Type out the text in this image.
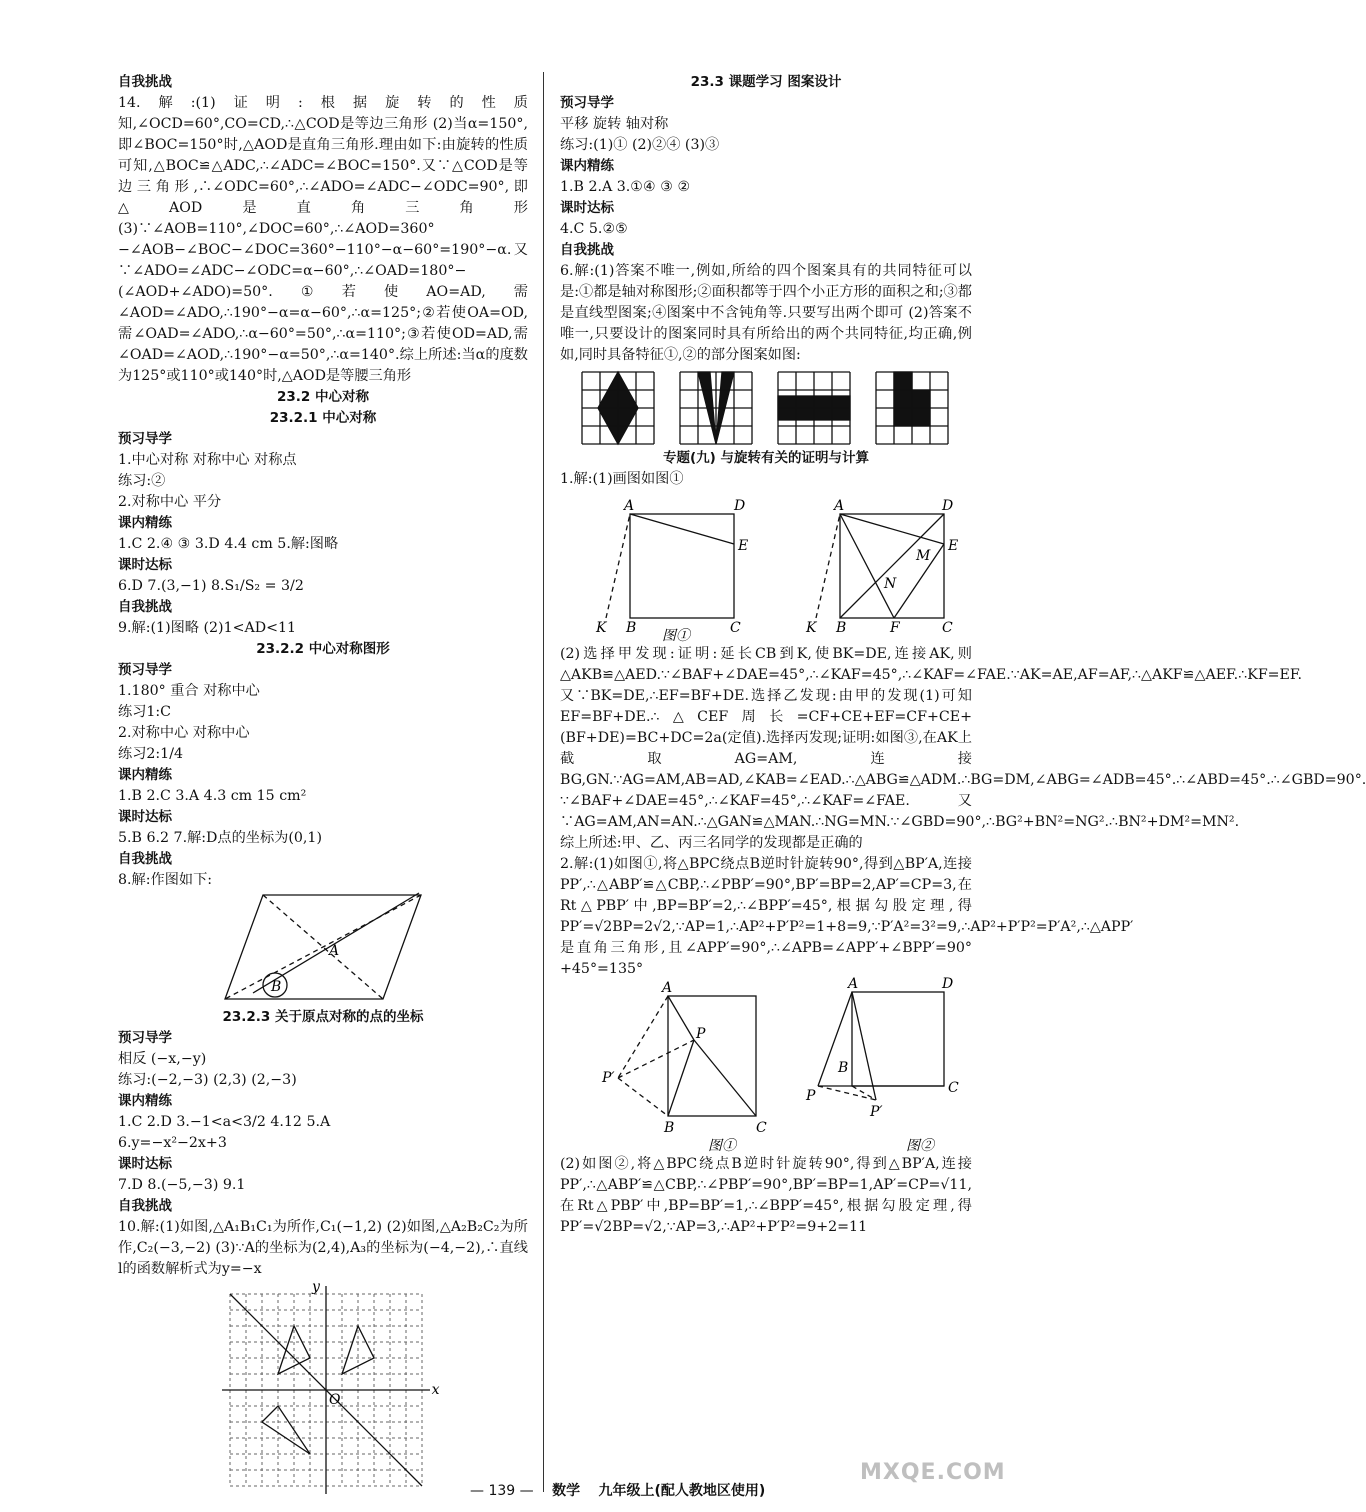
自我挑战
14.解:(1)证明:根据旋转的性质知,∠OCD=60°,CO=CD,∴△COD是等边三角形 (2)当α=150°,即∠BOC=150°时,△AOD是直角三角形.理由如下:由旋转的性质可知,△BOC≌△ADC,∴∠ADC=∠BOC=150°.又∵△COD是等边三角形,∴∠ODC=60°,∴∠ADO=∠ADC−∠ODC=90°,即△AOD是直角三角形 (3)∵∠AOB=110°,∠DOC=60°,∴∠AOD=360°−∠AOB−∠BOC−∠DOC=360°−110°−α−60°=190°−α.又∵∠ADO=∠ADC−∠ODC=α−60°,∴∠OAD=180°−(∠AOD+∠ADO)=50°.①若使AO=AD,需∠AOD=∠ADO,∴190°−α=α−60°,∴α=125°;②若使OA=OD,需∠OAD=∠ADO,∴α−60°=50°,∴α=110°;③若使OD=AD,需∠OAD=∠AOD,∴190°−α=50°,∴α=140°.综上所述:当α的度数为125°或110°或140°时,△AOD是等腰三角形
23.2 中心对称
23.2.1 中心对称
预习导学
1.中心对称 对称中心 对称点
练习:②
2.对称中心 平分
课内精练
1.C 2.④ ③ 3.D 4.4 cm 5.解:图略
课时达标
6.D 7.(3,−1) 8.S₁/S₂ = 3/2
自我挑战
9.解:(1)图略 (2)1<AD<11
23.2.2 中心对称图形
预习导学
1.180° 重合 对称中心
练习1:C
2.对称中心 对称中心
练习2:1/4
课内精练
1.B 2.C 3.A 4.3 cm 15 cm²
课时达标
5.B 6.2 7.解:D点的坐标为(0,1)
自我挑战
8.解:作图如下:
A
B
23.2.3 关于原点对称的点的坐标
预习导学
相反 (−x,−y)
练习:(−2,−3) (2,3) (2,−3)
课内精练
1.C 2.D 3.−1<a<3/2 4.12 5.A
6.y=−x²−2x+3
课时达标
7.D 8.(−5,−3) 9.1
自我挑战
10.解:(1)如图,△A₁B₁C₁为所作,C₁(−1,2) (2)如图,△A₂B₂C₂为所作,C₂(−3,−2) (3)∵A的坐标为(2,4),A₃的坐标为(−4,−2),∴直线l的函数解析式为y=−x
x
y
O
23.3 课题学习 图案设计
预习导学
平移 旋转 轴对称
练习:(1)① (2)②④ (3)③
课内精练
1.B 2.A 3.①④ ③ ②
课时达标
4.C 5.②⑤
自我挑战
6.解:(1)答案不唯一,例如,所给的四个图案具有的共同特征可以是:①都是轴对称图形;②面积都等于四个小正方形的面积之和;③都是直线型图案;④图案中不含钝角等.只要写出两个即可 (2)答案不唯一,只要设计的图案同时具有所给出的两个共同特征,均正确,例如,同时具备特征①,②的部分图案如图:
专题(九) 与旋转有关的证明与计算
1.解:(1)画图如图①
A	D
E
K B	C
图①
A	D
E
M
N
K B	F	C
(2)选择甲发现:证明:延长CB到K,使BK=DE,连接AK,则△AKB≌△AED.∵∠BAF+∠DAE=45°,∴∠KAF=45°,∴∠KAF=∠FAE.∵AK=AE,AF=AF,∴△AKF≌△AEF.∴KF=EF.又∵BK=DE,∴EF=BF+DE.选择乙发现:由甲的发现(1)可知EF=BF+DE.∴△CEF周长=CF+CE+EF=CF+CE+(BF+DE)=BC+DC=2a(定值).选择丙发现;证明:如图③,在AK上截取AG=AM,连接BG,GN.∵AG=AM,AB=AD,∠KAB=∠EAD.∴△ABG≌△ADM.∴BG=DM,∠ABG=∠ADB=45°.∴∠ABD=45°.∴∠GBD=90°.
∵∠BAF+∠DAE=45°,∴∠KAF=45°,∴∠KAF=∠FAE.又∵AG=AM,AN=AN.∴△GAN≌△MAN.∴NG=MN.∵∠GBD=90°,∴BG²+BN²=NG².∴BN²+DM²=MN².综上所述:甲、乙、丙三名同学的发现都是正确的
2.解:(1)如图①,将△BPC绕点B逆时针旋转90°,得到△BP′A,连接PP′,∴△ABP′≌△CBP,∴∠PBP′=90°,BP′=BP=2,AP′=CP=3,在Rt△PBP′中,BP=BP′=2,∴∠BPP′=45°,根据勾股定理,得PP′=√2BP=2√2,∵AP=1,∴AP²+P′P²=1+8=9,∵P′A²=3²=9,∴AP²+P′P²=P′A²,∴△APP′是直角三角形,且∠APP′=90°,∴∠APB=∠APP′+∠BPP′=90°+45°=135°
A
P
P′
B	C
图①
A	D
B
C
P
P′
图②
(2)如图②,将△BPC绕点B逆时针旋转90°,得到△BP′A,连接PP′,∴△ABP′≌△CBP,∴∠PBP′=90°,BP′=BP=1,AP′=CP=√11,在Rt△PBP′中,BP=BP′=1,∴∠BPP′=45°,根据勾股定理,得PP′=√2BP=√2,∵AP=3,∴AP²+P′P²=9+2=11
— 139 — 数学 九年级上(配人教地区使用)
MXQE.COM
